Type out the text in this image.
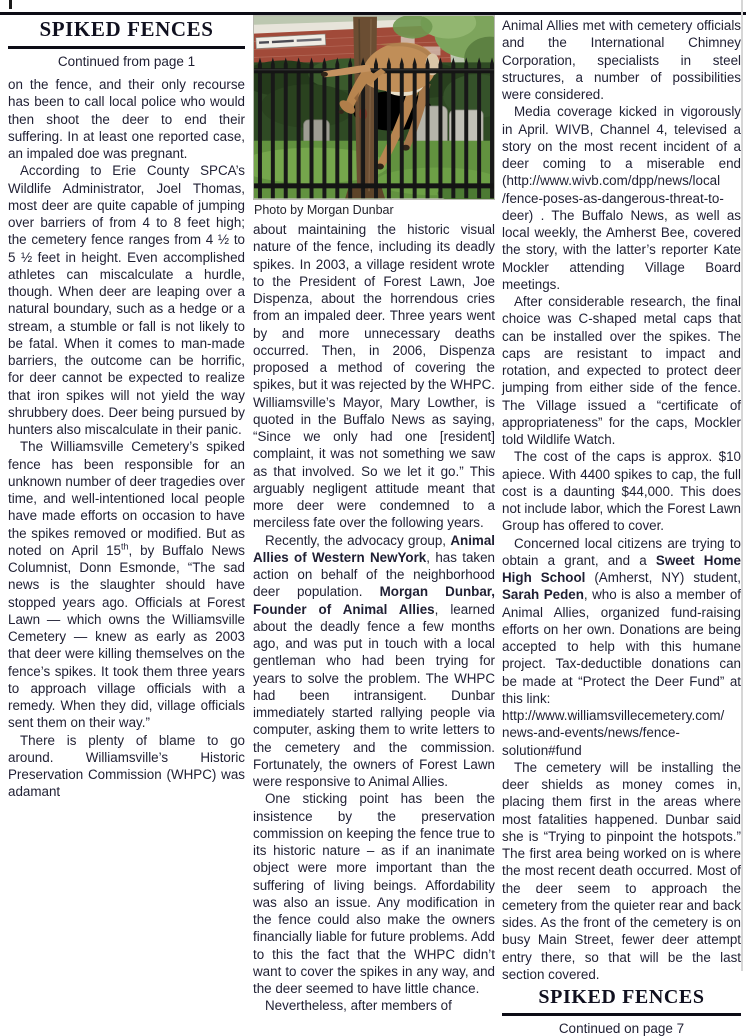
SPIKED FENCES
Continued from page 1

on the fence, and their only recourse has been to call local police who would then shoot the deer to end their suffering. In at least one reported case, an impaled doe was pregnant.

According to Erie County SPCA’s Wildlife Administrator, Joel Thomas, most deer are quite capable of jumping over barriers of from 4 to 8 feet high; the cemetery fence ranges from 4 ½ to 5 ½ feet in height. Even accomplished athletes can miscalculate a hurdle, though. When deer are leaping over a natural boundary, such as a hedge or a stream, a stumble or fall is not likely to be fatal. When it comes to man-made barriers, the outcome can be horrific, for deer cannot be expected to realize that iron spikes will not yield the way shrubbery does. Deer being pursued by hunters also miscalculate in their panic.

The Williamsville Cemetery’s spiked fence has been responsible for an unknown number of deer tragedies over time, and well-intentioned local people have made efforts on occasion to have the spikes removed or modified. But as noted on April 15th, by Buffalo News Columnist, Donn Esmonde, “The sad news is the slaughter should have stopped years ago. Officials at Forest Lawn — which owns the Williamsville Cemetery — knew as early as 2003 that deer were killing themselves on the fence’s spikes. It took them three years to approach village officials with a remedy. When they did, village officials sent them on their way.”

There is plenty of blame to go around. Williamsville’s Historic Preservation Commission (WHPC) was adamant

Photo by Morgan Dunbar

about maintaining the historic visual nature of the fence, including its deadly spikes. In 2003, a village resident wrote to the President of Forest Lawn, Joe Dispenza, about the horrendous cries from an impaled deer. Three years went by and more unnecessary deaths occurred. Then, in 2006, Dispenza proposed a method of covering the spikes, but it was rejected by the WHPC. Williamsville’s Mayor, Mary Lowther, is quoted in the Buffalo News as saying, “Since we only had one [resident] complaint, it was not something we saw as that involved. So we let it go.” This arguably negligent attitude meant that more deer were condemned to a merciless fate over the following years.

Recently, the advocacy group, Animal Allies of Western NewYork, has taken action on behalf of the neighborhood deer population. Morgan Dunbar, Founder of Animal Allies, learned about the deadly fence a few months ago, and was put in touch with a local gentleman who had been trying for years to solve the problem. The WHPC had been intransigent. Dunbar immediately started rallying people via computer, asking them to write letters to the cemetery and the commission. Fortunately, the owners of Forest Lawn were responsive to Animal Allies.

One sticking point has been the insistence by the preservation commission on keeping the fence true to its historic nature – as if an inanimate object were more important than the suffering of living beings. Affordability was also an issue. Any modification in the fence could also make the owners financially liable for future problems. Add to this the fact that the WHPC didn’t want to cover the spikes in any way, and the deer seemed to have little chance.

Nevertheless, after members of

Animal Allies met with cemetery officials and the International Chimney Corporation, specialists in steel structures, a number of possibilities were considered.

Media coverage kicked in vigorously in April. WIVB, Channel 4, televised a story on the most recent incident of a deer coming to a miserable end (http://www.wivb.com/dpp/news/local /fence-poses-as-dangerous-threat-to-deer) . The Buffalo News, as well as local weekly, the Amherst Bee, covered the story, with the latter’s reporter Kate Mockler attending Village Board meetings.

After considerable research, the final choice was C-shaped metal caps that can be installed over the spikes. The caps are resistant to impact and rotation, and expected to protect deer jumping from either side of the fence. The Village issued a “certificate of appropriateness” for the caps, Mockler told Wildlife Watch.

The cost of the caps is approx. $10 apiece. With 4400 spikes to cap, the full cost is a daunting $44,000. This does not include labor, which the Forest Lawn Group has offered to cover.

Concerned local citizens are trying to obtain a grant, and a Sweet Home High School (Amherst, NY) student, Sarah Peden, who is also a member of Animal Allies, organized fund-raising efforts on her own. Donations are being accepted to help with this humane project. Tax-deductible donations can be made at “Protect the Deer Fund” at this link:
http://www.williamsvillecemetery.com/ news-and-events/news/fence-solution#fund

The cemetery will be installing the deer shields as money comes in, placing them first in the areas where most fatalities happened. Dunbar said she is “Trying to pinpoint the hotspots.” The first area being worked on is where the most recent death occurred. Most of the deer seem to approach the cemetery from the quieter rear and back sides. As the front of the cemetery is on busy Main Street, fewer deer attempt entry there, so that will be the last section covered.

SPIKED FENCES
Continued on page 7
